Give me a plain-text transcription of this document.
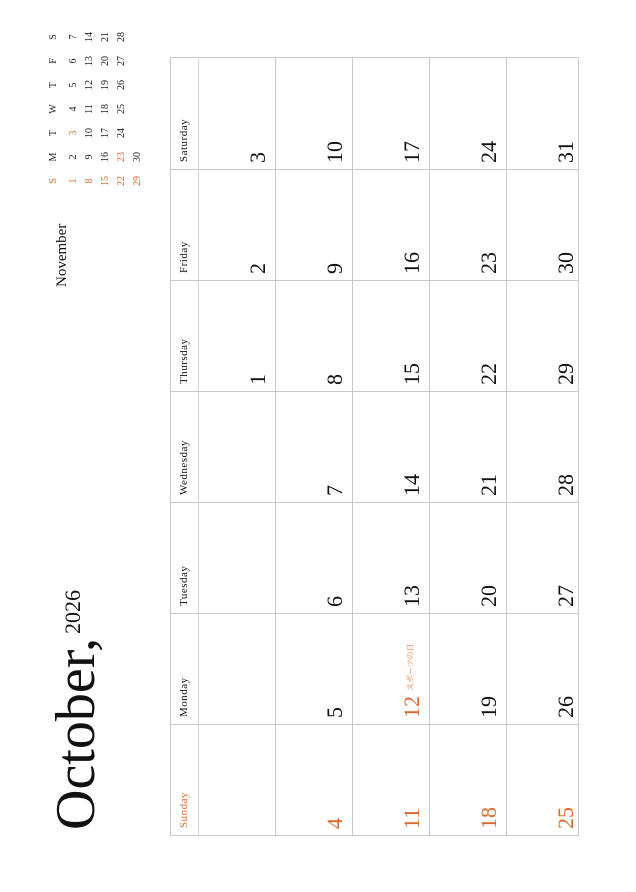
October,
2026
November
S
M
T
W
T
F
S
1
2
3
4
5
6
7
8
9
10
11
12
13
14
15
16
17
18
19
20
21
22
23
24
25
26
27
28
29
30
Sunday
Monday
Tuesday
Wednesday
Thursday
Friday
Saturday
1
2
3
4
5
6
7
8
9
10
11
12
スポーツの日
13
14
15
16
17
18
19
20
21
22
23
24
25
26
27
28
29
30
31
